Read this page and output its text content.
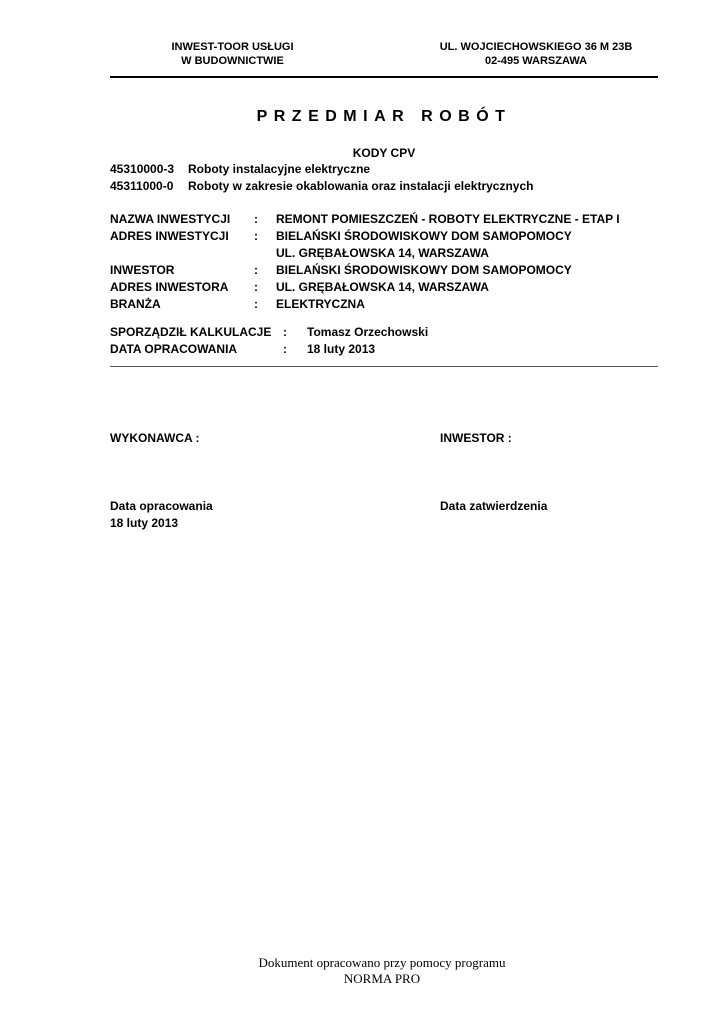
INWEST-TOOR USŁUGI
W BUDOWNICTWIE
UL. WOJCIECHOWSKIEGO 36 M 23B
02-495 WARSZAWA
PRZEDMIAR ROBÓT
KODY CPV
45310000-3 Roboty instalacyjne elektryczne
45311000-0 Roboty w zakresie okablowania oraz instalacji elektrycznych
NAZWA INWESTYCJI : REMONT POMIESZCZEŃ - ROBOTY ELEKTRYCZNE - ETAP I
ADRES INWESTYCJI : BIELAŃSKI ŚRODOWISKOWY DOM SAMOPOMOCY
UL. GRĘBAŁOWSKA 14, WARSZAWA
INWESTOR	: BIELAŃSKI ŚRODOWISKOWY DOM SAMOPOMOCY
ADRES INWESTORA : UL. GRĘBAŁOWSKA 14, WARSZAWA
BRANŻA	: ELEKTRYCZNA
SPORZĄDZIŁ KALKULACJE : Tomasz Orzechowski
DATA OPRACOWANIA	: 18 luty 2013
WYKONAWCA :	INWESTOR :
Data opracowania
18 luty 2013
Data zatwierdzenia
Dokument opracowano przy pomocy programu
NORMA PRO
